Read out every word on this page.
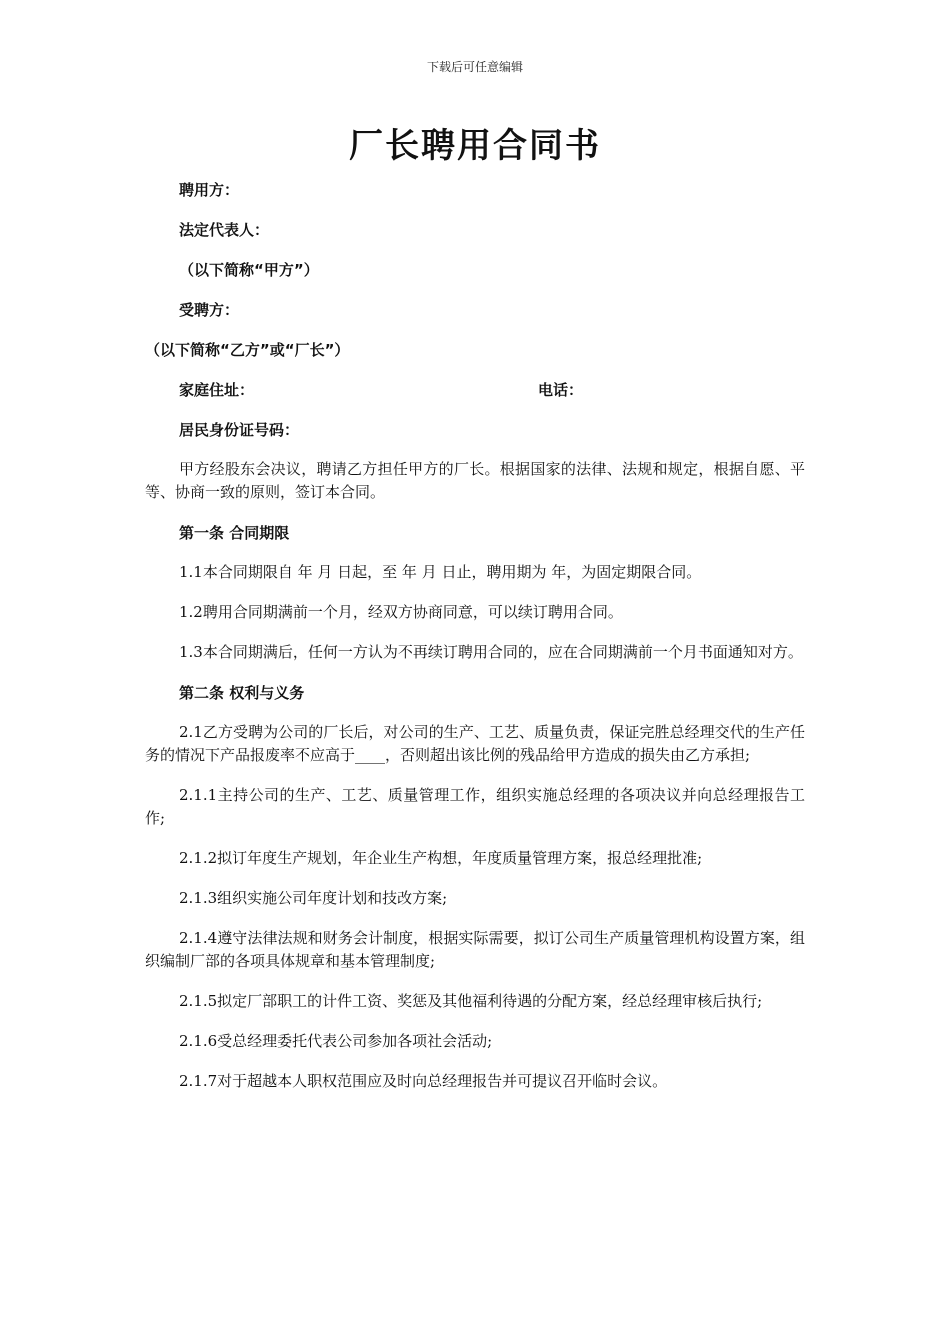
下载后可任意编辑
厂长聘用合同书
聘用方：
法定代表人：
（以下简称“甲方”）
受聘方：
（以下简称“乙方”或“厂长”）
家庭住址：	电话：
居民身份证号码：

甲方经股东会决议，聘请乙方担任甲方的厂长。根据国家的法律、法规和规定，根据自愿、平等、协商一致的原则，签订本合同。

第一条 合同期限

1.1本合同期限自 年 月 日起，至 年 月 日止，聘用期为 年，为固定期限合同。

1.2聘用合同期满前一个月，经双方协商同意，可以续订聘用合同。

1.3本合同期满后，任何一方认为不再续订聘用合同的，应在合同期满前一个月书面通知对方。

第二条 权利与义务

2.1乙方受聘为公司的厂长后，对公司的生产、工艺、质量负责，保证完胜总经理交代的生产任务的情况下产品报废率不应高于____，否则超出该比例的残品给甲方造成的损失由乙方承担;

2.1.1主持公司的生产、工艺、质量管理工作，组织实施总经理的各项决议并向总经理报告工作;

2.1.2拟订年度生产规划，年企业生产构想，年度质量管理方案，报总经理批准;

2.1.3组织实施公司年度计划和技改方案;

2.1.4遵守法律法规和财务会计制度，根据实际需要，拟订公司生产质量管理机构设置方案，组织编制厂部的各项具体规章和基本管理制度;

2.1.5拟定厂部职工的计件工资、奖惩及其他福利待遇的分配方案，经总经理审核后执行;

2.1.6受总经理委托代表公司参加各项社会活动;

2.1.7对于超越本人职权范围应及时向总经理报告并可提议召开临时会议。
